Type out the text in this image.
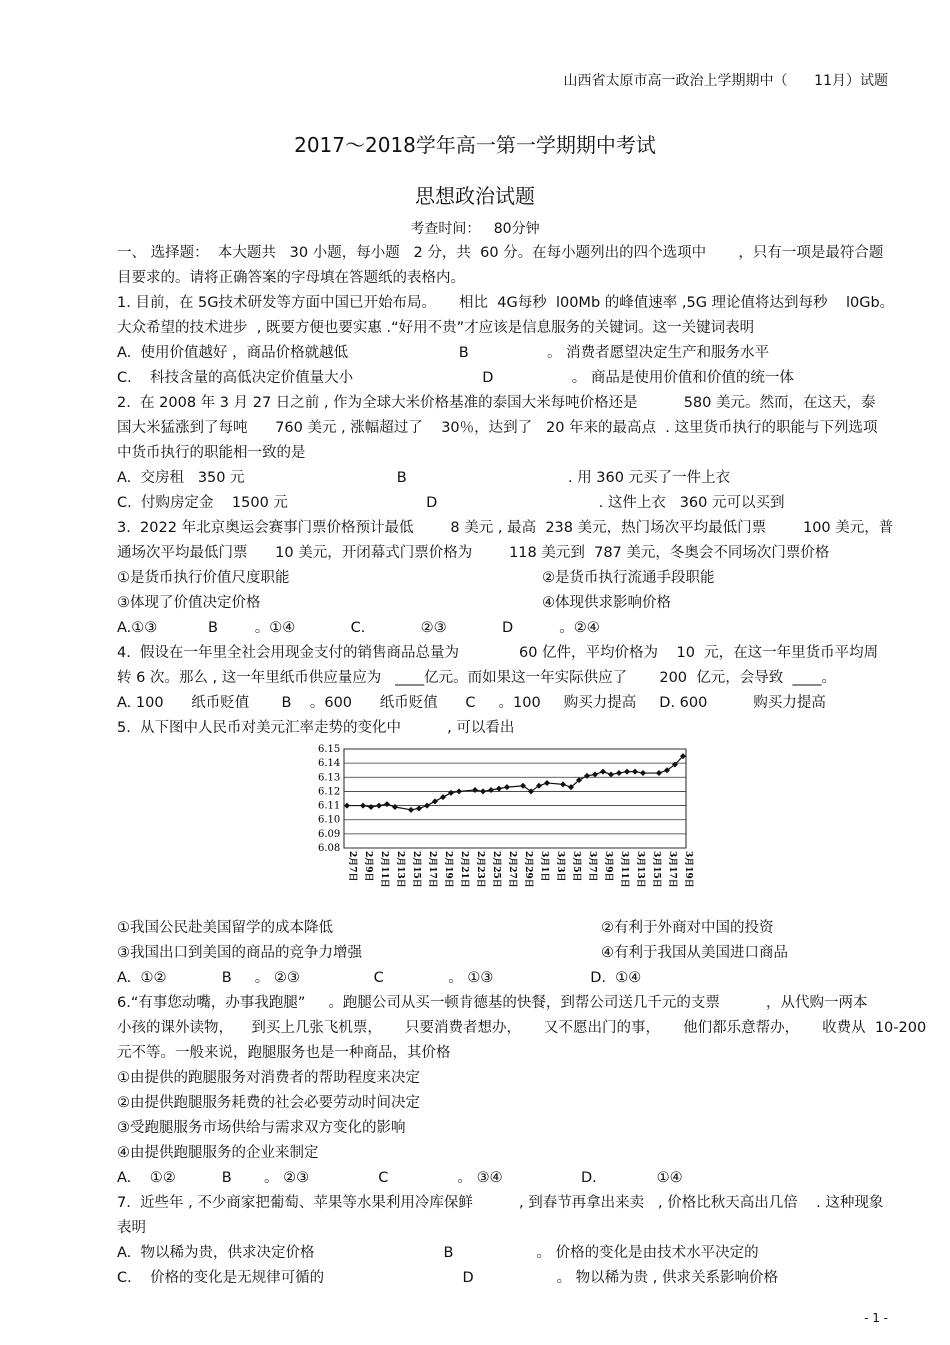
山西省太原市高一政治上学期期中（      11月）试题
2017～2018学年高一第一学期期中考试
思想政治试题
考查时间：   80分钟
一、 选择题：  本大题共   30 小题，每小题   2 分，共  60 分。在每小题列出的四个选项中       ，只有一项是最符合题
目要求的。请将正确答案的字母填在答题纸的表格内。
1. 目前，在 5G技术研发等方面中国已开始布局。     相比  4G每秒  l00Mb 的峰值速率 ,5G 理论值将达到每秒    l0Gb。
大众希望的技术进步  , 既要方便也要实惠 .“好用不贵”才应该是信息服务的关键词。这一关键词表明
A.  使用价值越好 ，商品价格就越低                        B                 。 消费者愿望决定生产和服务水平
C.    科技含量的高低决定价值量大小                            D                 。 商品是使用价值和价值的统一体
2.  在 2008 年 3 月 27 日之前 , 作为全球大米价格基准的泰国大米每吨价格还是          580 美元。然而，在这天，泰
国大米猛涨到了每吨      760 美元 , 涨幅超过了    30％，达到了   20 年来的最高点  . 这里货币执行的职能与下列选项
中货币执行的职能相一致的是
A.  交房租   350 元                                 B                                   . 用 360 元买了一件上衣
C.  付购房定金    1500 元                              D                                   . 这件上衣   360 元可以买到
3.  2022 年北京奥运会赛事门票价格预计最低        8 美元 , 最高  238 美元，热门场次平均最低门票        100 美元，普
通场次平均最低门票      10 美元，开闭幕式门票价格为        118 美元到  787 美元，冬奥会不同场次门票价格
①是货币执行价值尺度职能	②是货币执行流通手段职能
③体现了价值决定价格	④体现供求影响价格
A.①③           B        。①④            C.            ②③            D          。②④
4.  假设在一年里全社会用现金支付的销售商品总量为             60 亿件，平均价格为    10  元，在这一年里货币平均周
转 6 次。那么 , 这一年里纸币供应量应为   ____亿元。而如果这一年实际供应了       200  亿元，会导致  ____。
A. 100      纸币贬值       B    。600      纸币贬值      C     。100     购买力提高     D. 600          购买力提高
5.  从下图中人民币对美元汇率走势的变化中          , 可以看出
6.15
6.14
6.13
6.12
6.11
6.10
6.09
6.08
2月7日 2月9日 2月11日 2月13日 2月15日 2月17日 2月19日 2月21日 2月23日 2月25日 2月27日 2月29日 3月1日 3月3日 3月5日 3月7日 3月9日 3月11日 3月13日 3月15日 3月17日 3月19日
①我国公民赴美国留学的成本降低	②有利于外商对中国的投资
③我国出口到美国的商品的竞争力增强	④有利于我国从美国进口商品
A.  ①②            B     。 ②③                C              。 ①③                     D.  ①④
6.“有事您动嘴，办事我跑腿”     。跑腿公司从买一顿肯德基的快餐，到帮公司送几千元的支票          ，从代购一两本
小孩的课外读物，    到买上几张飞机票，     只要消费者想办，     又不愿出门的事，     他们都乐意帮办，     收费从  10-200
元不等。一般来说，跑腿服务也是一种商品，其价格
①由提供的跑腿服务对消费者的帮助程度来决定
②由提供跑腿服务耗费的社会必要劳动时间决定
③受跑腿服务市场供给与需求双方变化的影响
④由提供跑腿服务的企业来制定
A.    ①②          B       。 ②③               C               。 ③④                 D.             ①④
7.  近些年 , 不少商家把葡萄、苹果等水果利用冷库保鲜          , 到春节再拿出来卖   , 价格比秋天高出几倍    . 这种现象
表明
A.  物以稀为贵，供求决定价格                            B                  。 价格的变化是由技术水平决定的
C.    价格的变化是无规律可循的                              D                  。 物以稀为贵 , 供求关系影响价格
- 1 -
